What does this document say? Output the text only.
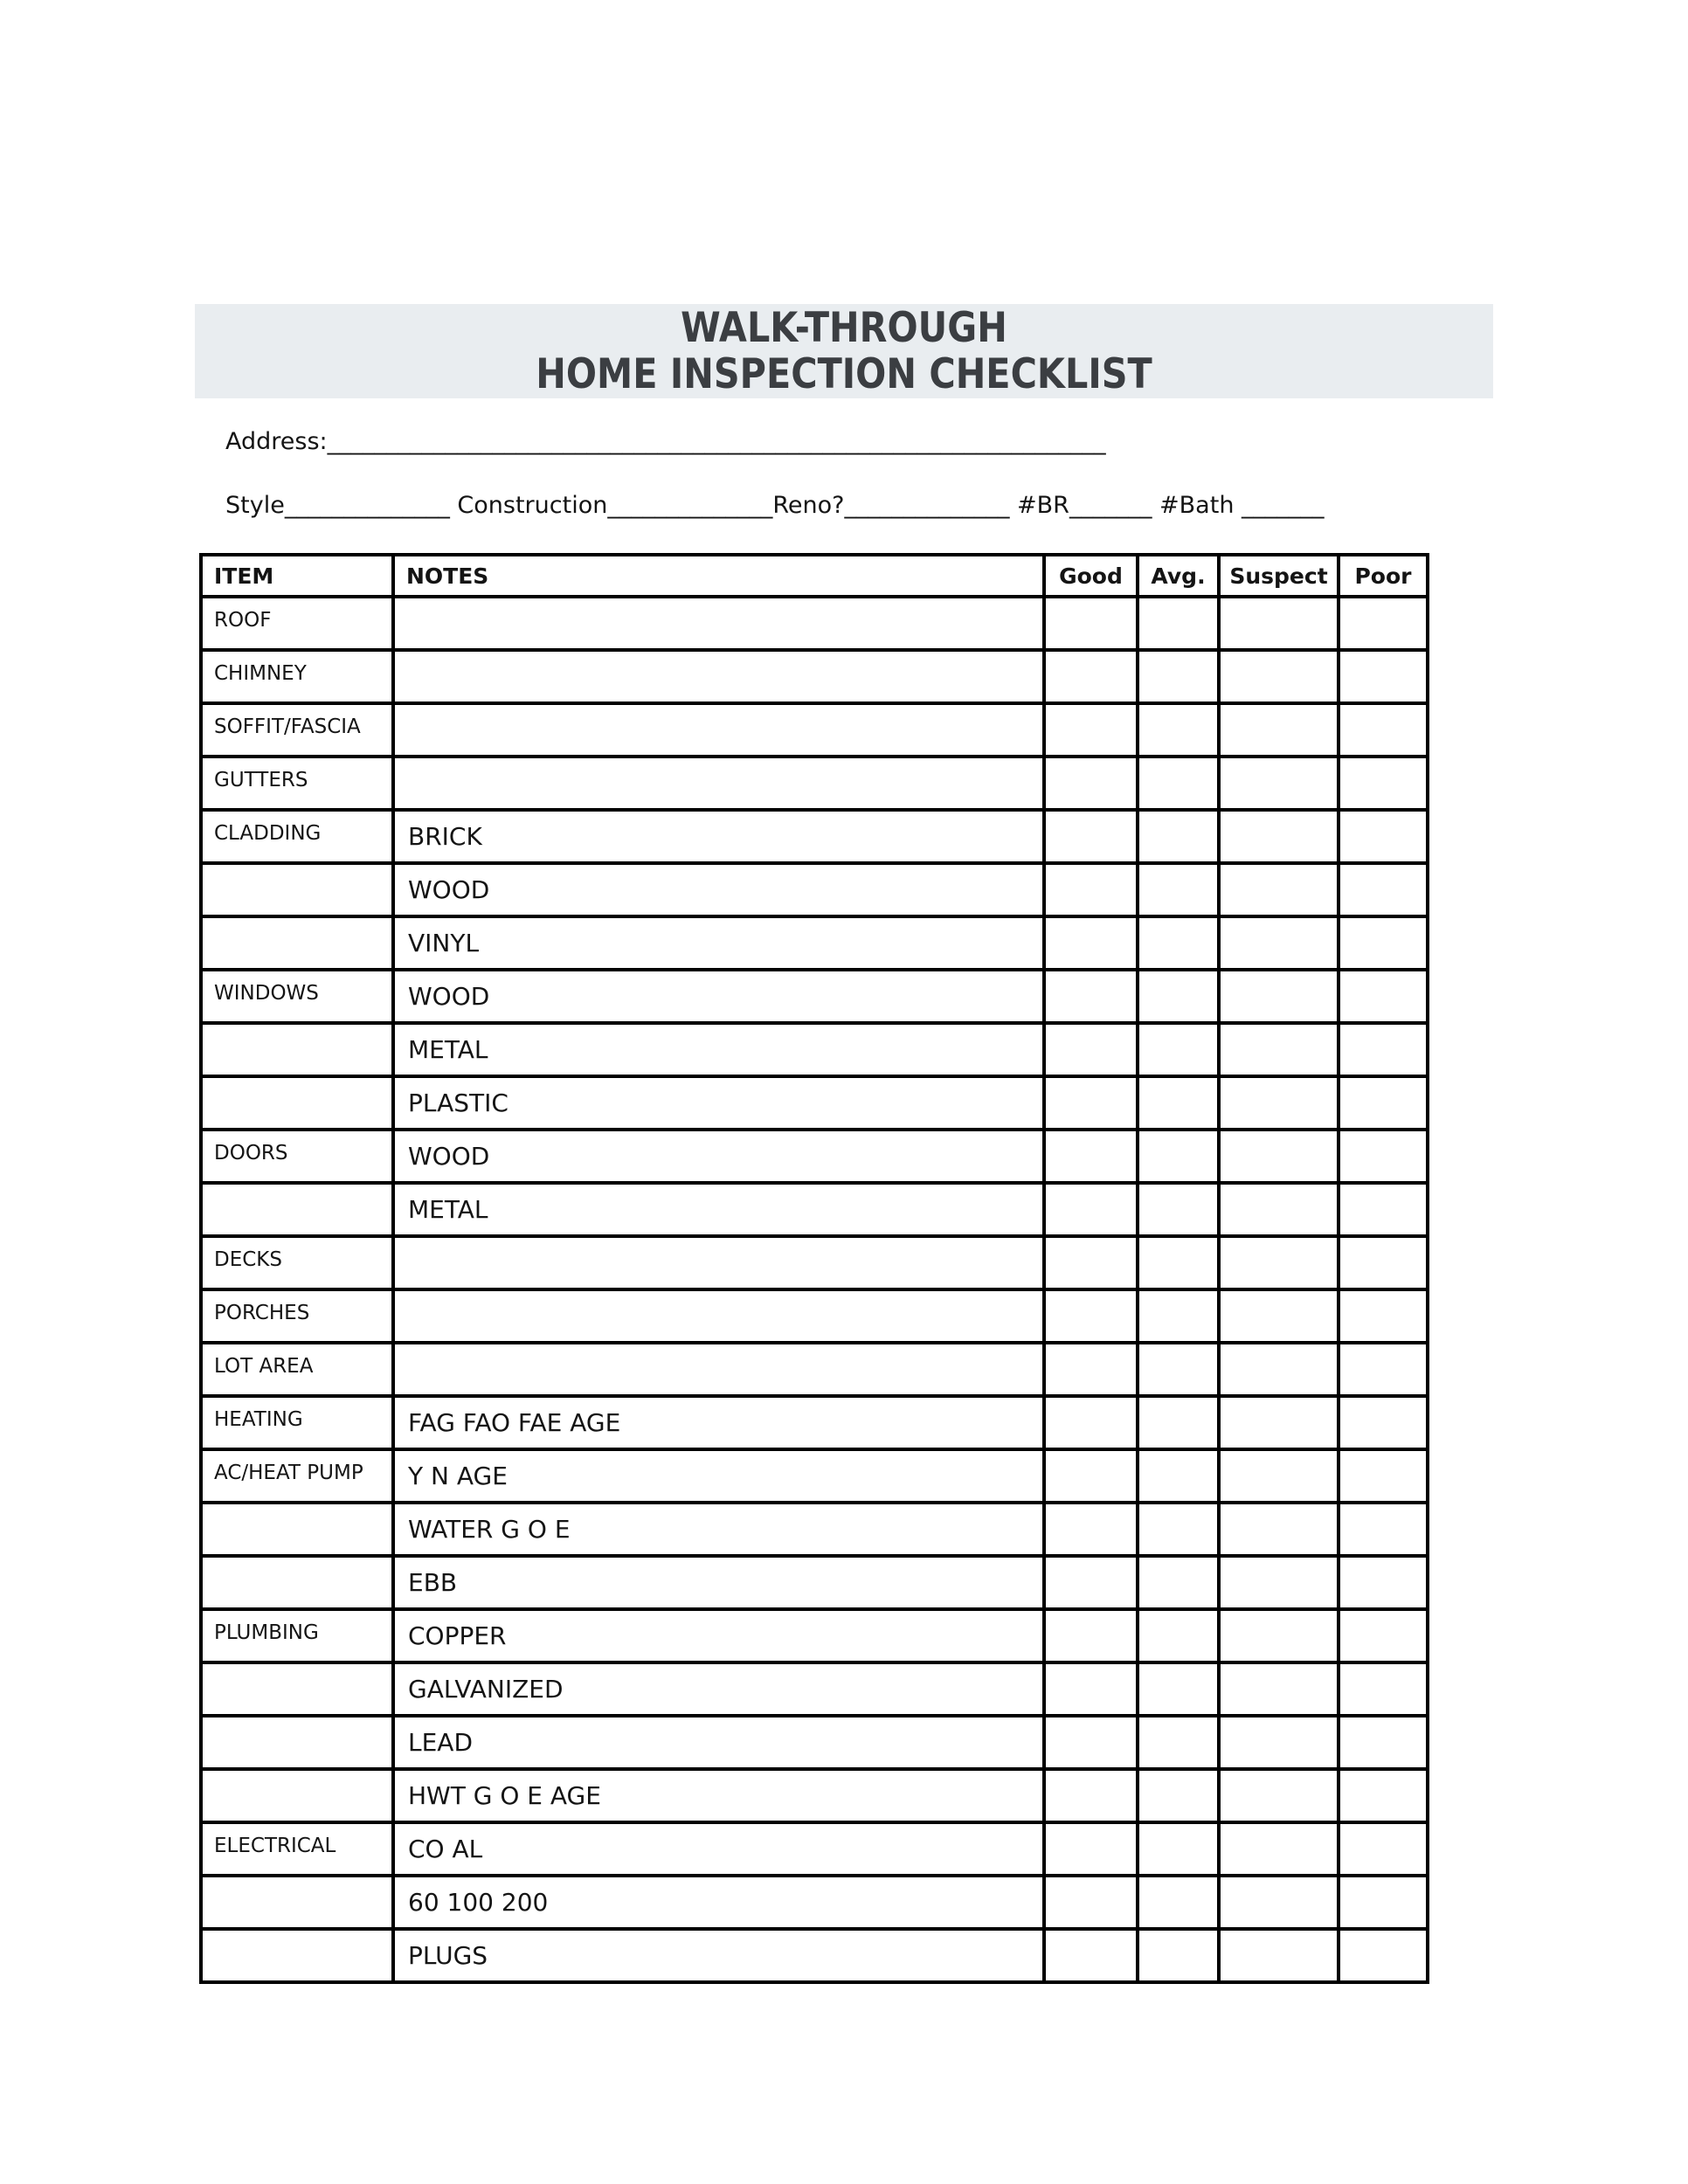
WALK-THROUGH
HOME INSPECTION CHECKLIST
Address:__________________________________________________________________
Style______________ Construction______________Reno?______________ #BR_______ #Bath _______
ITEM	NOTES	Good	Avg.	Suspect	Poor
ROOF					
CHIMNEY					
SOFFIT/FASCIA					
GUTTERS					
CLADDING	BRICK				
	WOOD				
	VINYL				
WINDOWS	WOOD				
	METAL				
	PLASTIC				
DOORS	WOOD				
	METAL				
DECKS					
PORCHES					
LOT AREA					
HEATING	FAG FAO FAE AGE				
AC/HEAT PUMP	Y N AGE				
	WATER G O E				
	EBB				
PLUMBING	COPPER				
	GALVANIZED				
	LEAD				
	HWT G O E AGE				
ELECTRICAL	CO AL				
	60 100 200				
	PLUGS				
